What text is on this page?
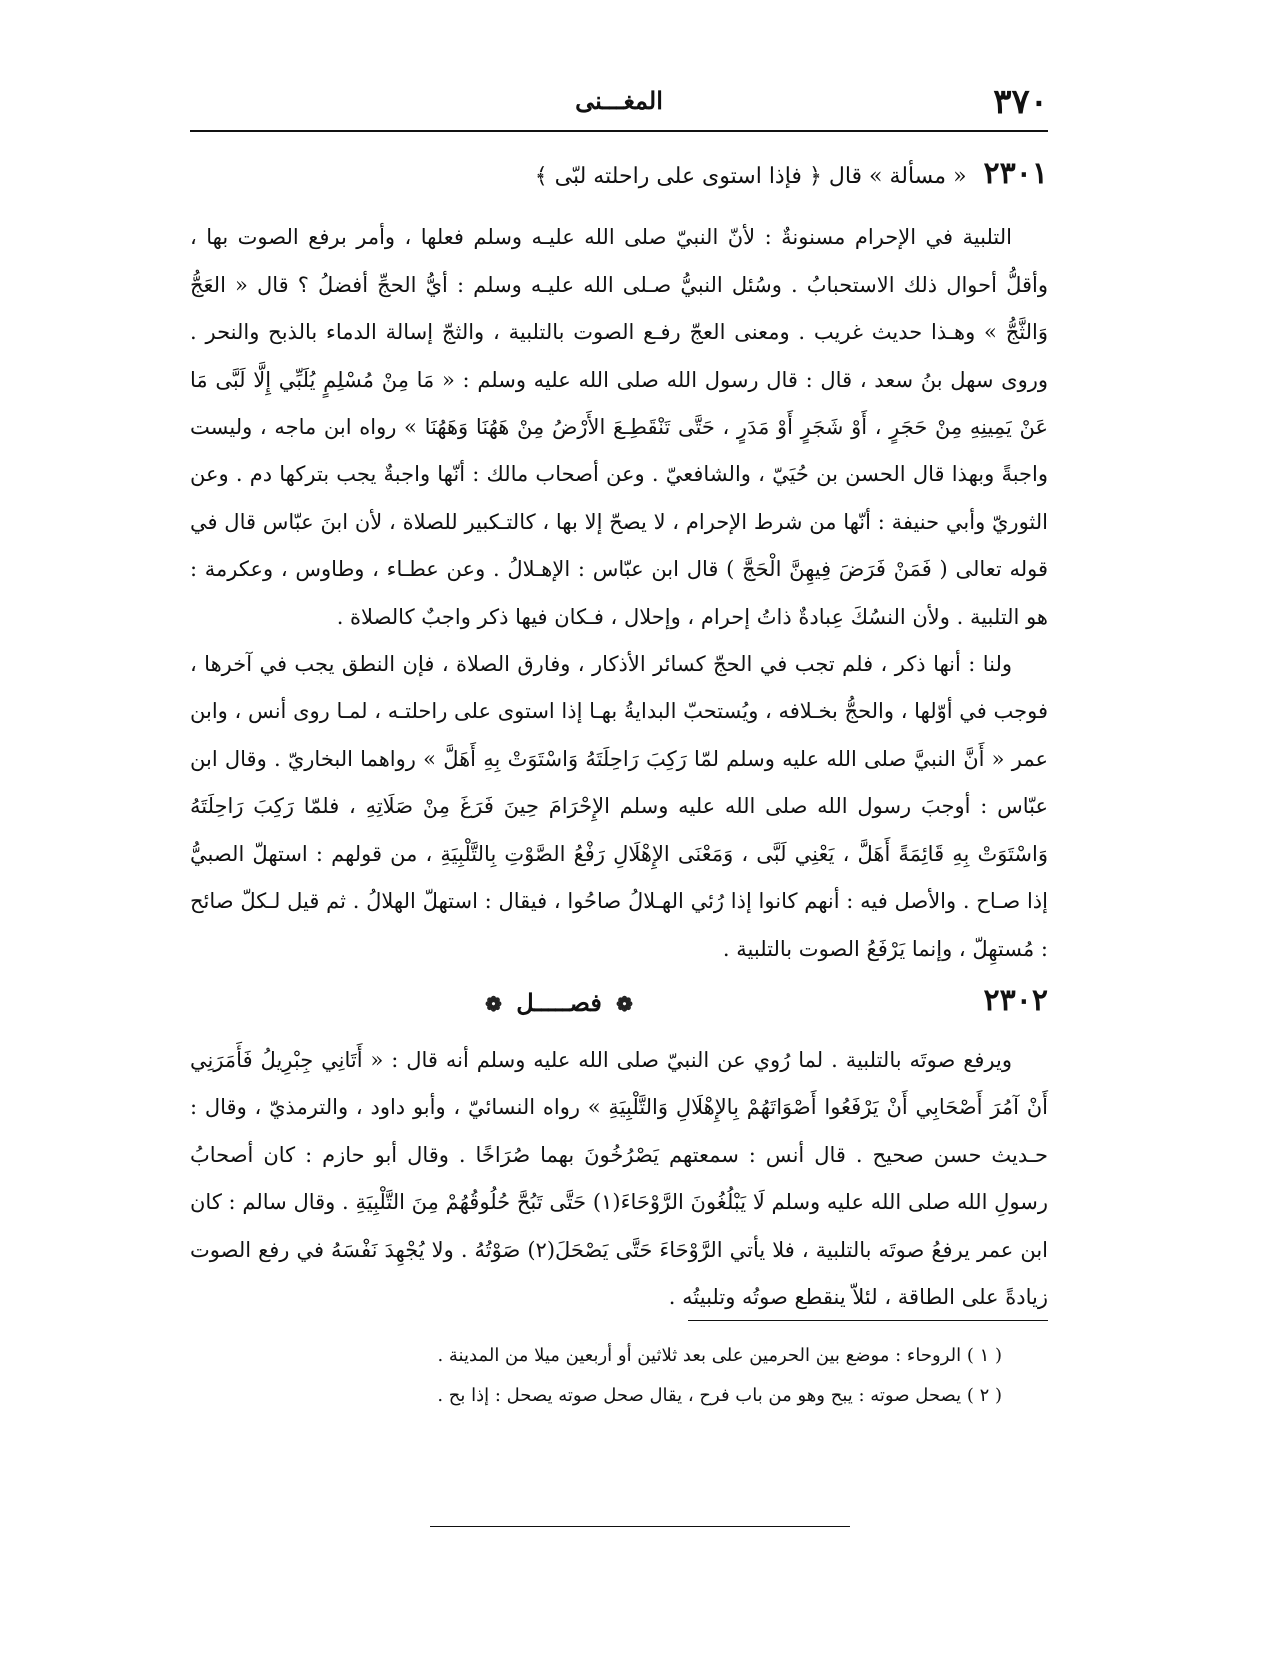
٣٧٠
المغـــنى

٢٣٠١ « مسألة » قال ﴿ فإذا استوى على راحلته لبّى ﴾

التلبية في الإحرام مسنونةٌ : لأنّ النبيّ صلى الله عليـه وسلم فعلها ، وأمر برفع الصوت بها ، وأقلُّ أحوال ذلك الاستحبابُ . وسُئل النبيُّ صـلى الله عليـه وسلم : أيُّ الحجِّ أفضلُ ؟ قال « العَجُّ وَالثَّجُّ » وهـذا حديث غريب . ومعنى العجّ رفـع الصوت بالتلبية ، والثجّ إسالة الدماء بالذبح والنحر . وروى سهل بنُ سعد ، قال : قال رسول الله صلى الله عليه وسلم : « مَا مِنْ مُسْلِمٍ يُلَبِّي إِلَّا لَبَّى مَا عَنْ يَمِينِهِ مِنْ حَجَرٍ ، أَوْ شَجَرٍ أَوْ مَدَرٍ ، حَتَّى تَنْقَطِـعَ الأَرْضُ مِنْ هَهُنَا وَهَهُنَا » رواه ابن ماجه ، وليست واجبةً وبهذا قال الحسن بن حُيَيّ ، والشافعيّ . وعن أصحاب مالك : أنّها واجبةٌ يجب بتركها دم . وعن الثوريّ وأبي حنيفة : أنّها من شرط الإحرام ، لا يصحّ إلا بها ، كالتـكبير للصلاة ، لأن ابنَ عبّاس قال في قوله تعالى ( فَمَنْ فَرَضَ فِيهِنَّ الْحَجَّ ) قال ابن عبّاس : الإهـلالُ . وعن عطـاء ، وطاوس ، وعكرمة : هو التلبية . ولأن النسُكَ عِبادةٌ ذاتُ إحرام ، وإحلال ، فـكان فيها ذكر واجبٌ كالصلاة .

ولنا : أنها ذكر ، فلم تجب في الحجّ كسائر الأذكار ، وفارق الصلاة ، فإن النطق يجب في آخرها ، فوجب في أوّلها ، والحجُّ بخـلافه ، ويُستحبّ البدايةُ بهـا إذا استوى على راحلتـه ، لمـا روى أنس ، وابن عمر « أَنَّ النبيَّ صلى الله عليه وسلم لمّا رَكِبَ رَاحِلَتَهُ وَاسْتَوَتْ بِهِ أَهَلَّ » رواهما البخاريّ . وقال ابن عبّاس : أوجبَ رسول الله صلى الله عليه وسلم الإِحْرَامَ حِينَ فَرَغَ مِنْ صَلَاتِهِ ، فلمّا رَكِبَ رَاحِلَتَهُ وَاسْتَوَتْ بِهِ قَائِمَةً أَهَلَّ ، يَعْنِي لَبَّى ، وَمَعْنَى الإِهْلَالِ رَفْعُ الصَّوْتِ بِالتَّلْبِيَةِ ، من قولهم : استهلّ الصبيُّ إذا صـاح . والأصل فيه : أنهم كانوا إذا رُئي الهـلالُ صاحُوا ، فيقال : استهلّ الهلالُ . ثم قيل لـكلّ صائح : مُستهِلّ ، وإنما يَرْفَعُ الصوت بالتلبية .

٢٣٠٢
❁ فصـــــل ❁

ويرفع صوتَه بالتلبية . لما رُوي عن النبيّ صلى الله عليه وسلم أنه قال : « أَتَانِي جِبْرِيلُ فَأَمَرَنِي أَنْ آمُرَ أَصْحَابِي أَنْ يَرْفَعُوا أَصْوَاتَهُمْ بِالإِهْلَالِ وَالتَّلْبِيَةِ » رواه النسائيّ ، وأبو داود ، والترمذيّ ، وقال : حـديث حسن صحيح . قال أنس : سمعتهم يَصْرُخُونَ بهما صُرَاخًا . وقال أبو حازم : كان أصحابُ رسولِ الله صلى الله عليه وسلم لَا يَبْلُغُونَ الرَّوْحَاءَ(١) حَتَّى تَبُحَّ حُلُوقُهُمْ مِنَ التَّلْبِيَةِ . وقال سالم : كان ابن عمر يرفعُ صوتَه بالتلبية ، فلا يأتي الرَّوْحَاءَ حَتَّى يَصْحَلَ(٢) صَوْتُهُ . ولا يُجْهِدَ نَفْسَهُ في رفع الصوت زيادةً على الطاقة ، لئلاّ ينقطع صوتُه وتلبيتُه .

( ١ ) الروحاء : موضع بين الحرمين على بعد ثلاثين أو أربعين ميلا من المدينة .

( ٢ ) يصحل صوته : يبح وهو من باب فرح ، يقال صحل صوته يصحل : إذا بح .
